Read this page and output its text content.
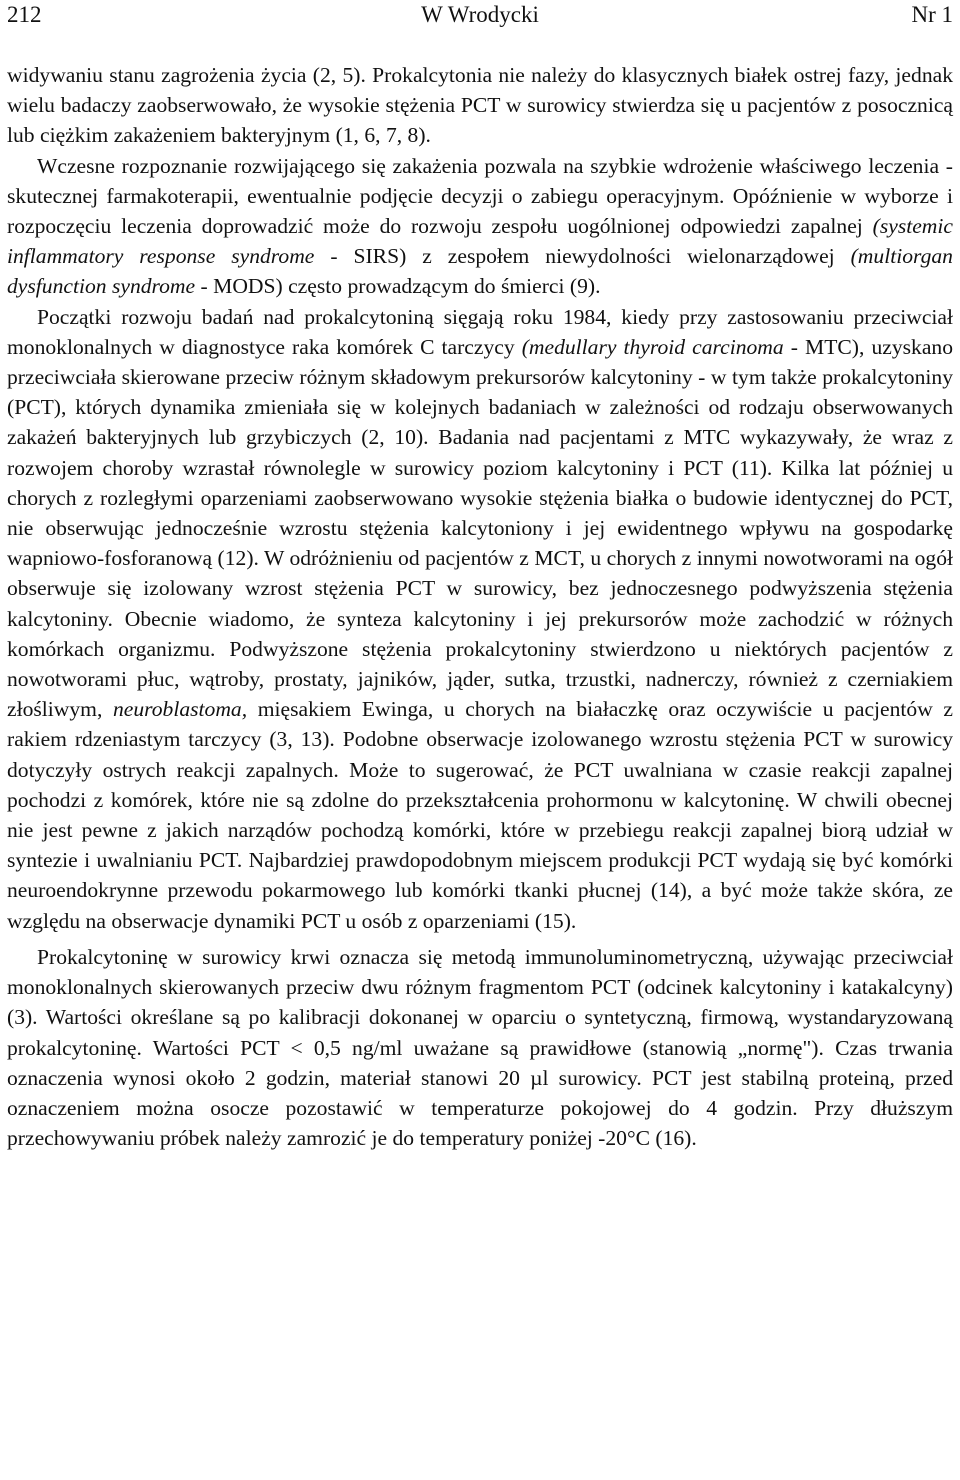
212	W Wrodycki	Nr 1

widywaniu stanu zagrożenia życia (2, 5). Prokalcytonia nie należy do klasycznych białek ostrej fazy, jednak wielu badaczy zaobserwowało, że wysokie stężenia PCT w surowicy stwierdza się u pacjentów z posocznicą lub ciężkim zakażeniem bakteryjnym (1, 6, 7, 8).

Wczesne rozpoznanie rozwijającego się zakażenia pozwala na szybkie wdrożenie właściwego leczenia - skutecznej farmakoterapii, ewentualnie podjęcie decyzji o zabiegu operacyjnym. Opóźnienie w wyborze i rozpoczęciu leczenia doprowadzić może do rozwoju zespołu uogólnionej odpowiedzi zapalnej (systemic inflammatory response syndrome - SIRS) z zespołem niewydolności wielonarządowej (multiorgan dysfunction syndrome - MODS) często prowadzącym do śmierci (9).

Początki rozwoju badań nad prokalcytoniną sięgają roku 1984, kiedy przy zastosowaniu przeciwciał monoklonalnych w diagnostyce raka komórek C tarczycy (medullary thyroid carcinoma - MTC), uzyskano przeciwciała skierowane przeciw różnym składowym prekursorów kalcytoniny - w tym także prokalcytoniny (PCT), których dynamika zmieniała się w kolejnych badaniach w zależności od rodzaju obserwowanych zakażeń bakteryjnych lub grzybiczych (2, 10). Badania nad pacjentami z MTC wykazywały, że wraz z rozwojem choroby wzrastał równolegle w surowicy poziom kalcytoniny i PCT (11). Kilka lat później u chorych z rozległymi oparzeniami zaobserwowano wysokie stężenia białka o budowie identycznej do PCT, nie obserwując jednocześnie wzrostu stężenia kalcytoniony i jej ewidentnego wpływu na gospodarkę wapniowo-fosforanową (12). W odróżnieniu od pacjentów z MCT, u chorych z innymi nowotworami na ogół obserwuje się izolowany wzrost stężenia PCT w surowicy, bez jednoczesnego podwyższenia stężenia kalcytoniny. Obecnie wiadomo, że synteza kalcytoniny i jej prekursorów może zachodzić w różnych komórkach organizmu. Podwyższone stężenia prokalcytoniny stwierdzono u niektórych pacjentów z nowotworami płuc, wątroby, prostaty, jajników, jąder, sutka, trzustki, nadnerczy, również z czerniakiem złośliwym, neuroblastoma, mięsakiem Ewinga, u chorych na białaczkę oraz oczywiście u pacjentów z rakiem rdzeniastym tarczycy (3, 13). Podobne obserwacje izolowanego wzrostu stężenia PCT w surowicy dotyczyły ostrych reakcji zapalnych. Może to sugerować, że PCT uwalniana w czasie reakcji zapalnej pochodzi z komórek, które nie są zdolne do przekształcenia prohormonu w kalcytoninę. W chwili obecnej nie jest pewne z jakich narządów pochodzą komórki, które w przebiegu reakcji zapalnej biorą udział w syntezie i uwalnianiu PCT. Najbardziej prawdopodobnym miejscem produkcji PCT wydają się być komórki neuroendokrynne przewodu pokarmowego lub komórki tkanki płucnej (14), a być może także skóra, ze względu na obserwacje dynamiki PCT u osób z oparzeniami (15).

Prokalcytoninę w surowicy krwi oznacza się metodą immunoluminometryczną, używając przeciwciał monoklonalnych skierowanych przeciw dwu różnym fragmentom PCT (odcinek kalcytoniny i katakalcyny) (3). Wartości określane są po kalibracji dokonanej w oparciu o syntetyczną, firmową, wystandaryzowaną prokalcytoninę. Wartości PCT < 0,5 ng/ml uważane są prawidłowe (stanowią „normę"). Czas trwania oznaczenia wynosi około 2 godzin, materiał stanowi 20 µl surowicy. PCT jest stabilną proteiną, przed oznaczeniem można osocze pozostawić w temperaturze pokojowej do 4 godzin. Przy dłuższym przechowywaniu próbek należy zamrozić je do temperatury poniżej -20°C (16).
